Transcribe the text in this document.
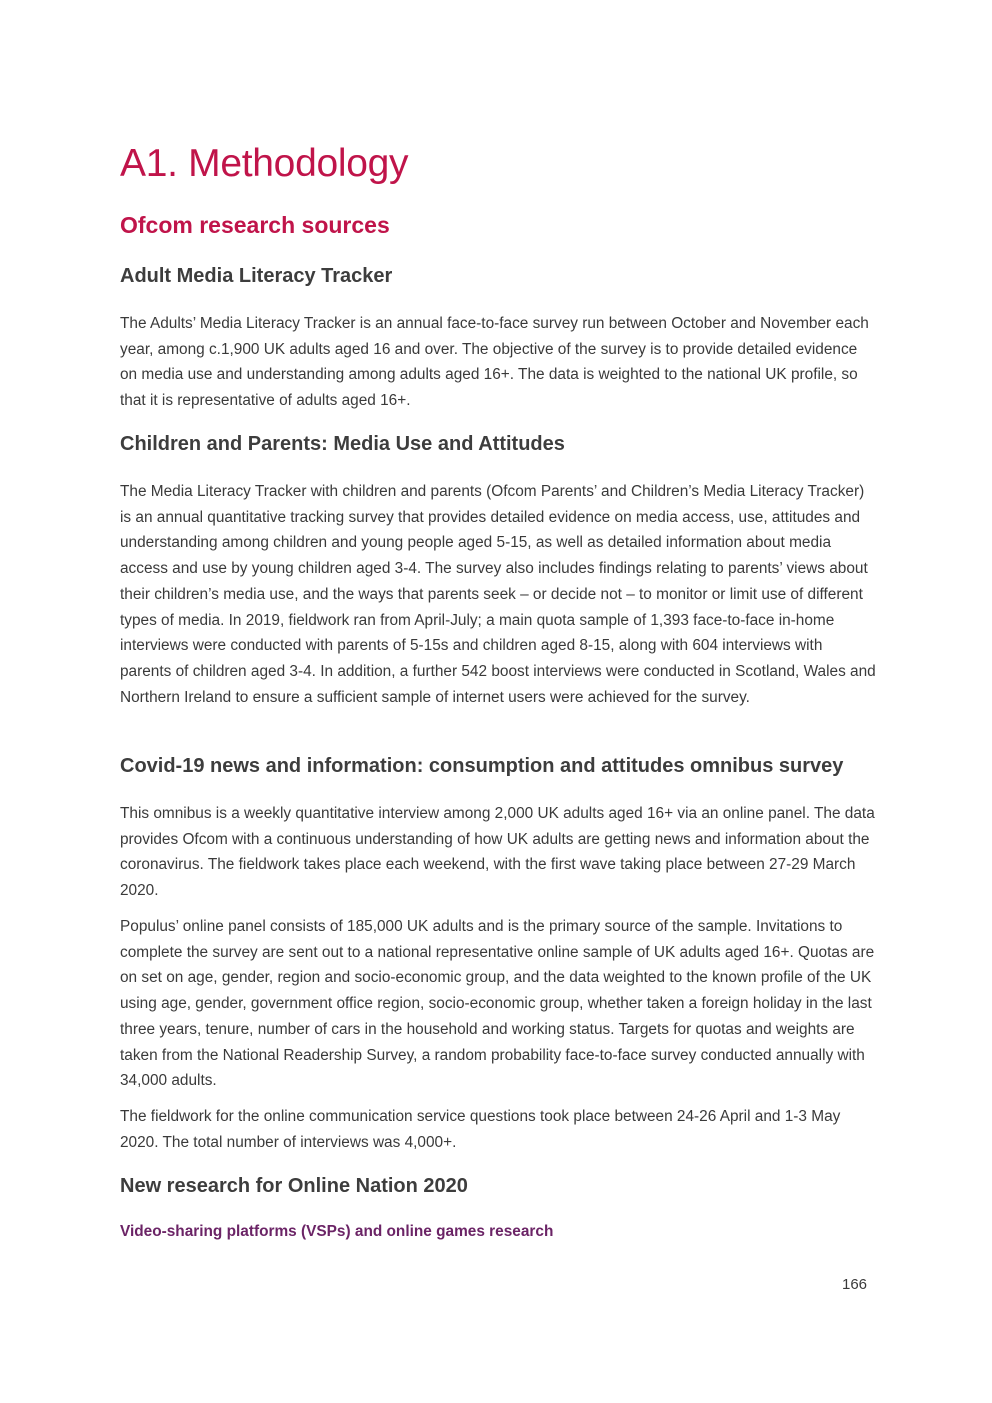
A1. Methodology
Ofcom research sources
Adult Media Literacy Tracker

The Adults’ Media Literacy Tracker is an annual face-to-face survey run between October and November each year, among c.1,900 UK adults aged 16 and over. The objective of the survey is to provide detailed evidence on media use and understanding among adults aged 16+. The data is weighted to the national UK profile, so that it is representative of adults aged 16+.

Children and Parents: Media Use and Attitudes

The Media Literacy Tracker with children and parents (Ofcom Parents’ and Children’s Media Literacy Tracker) is an annual quantitative tracking survey that provides detailed evidence on media access, use, attitudes and understanding among children and young people aged 5-15, as well as detailed information about media access and use by young children aged 3-4. The survey also includes findings relating to parents’ views about their children’s media use, and the ways that parents seek – or decide not – to monitor or limit use of different types of media. In 2019, fieldwork ran from April-July; a main quota sample of 1,393 face-to-face in-home interviews were conducted with parents of 5-15s and children aged 8-15, along with 604 interviews with parents of children aged 3-4. In addition, a further 542 boost interviews were conducted in Scotland, Wales and Northern Ireland to ensure a sufficient sample of internet users were achieved for the survey.

Covid-19 news and information: consumption and attitudes omnibus survey

This omnibus is a weekly quantitative interview among 2,000 UK adults aged 16+ via an online panel. The data provides Ofcom with a continuous understanding of how UK adults are getting news and information about the coronavirus. The fieldwork takes place each weekend, with the first wave taking place between 27-29 March 2020.

Populus’ online panel consists of 185,000 UK adults and is the primary source of the sample. Invitations to complete the survey are sent out to a national representative online sample of UK adults aged 16+. Quotas are on set on age, gender, region and socio-economic group, and the data weighted to the known profile of the UK using age, gender, government office region, socio-economic group, whether taken a foreign holiday in the last three years, tenure, number of cars in the household and working status. Targets for quotas and weights are taken from the National Readership Survey, a random probability face-to-face survey conducted annually with 34,000 adults.

The fieldwork for the online communication service questions took place between 24-26 April and 1-3 May 2020. The total number of interviews was 4,000+.

New research for Online Nation 2020
Video-sharing platforms (VSPs) and online games research
166
